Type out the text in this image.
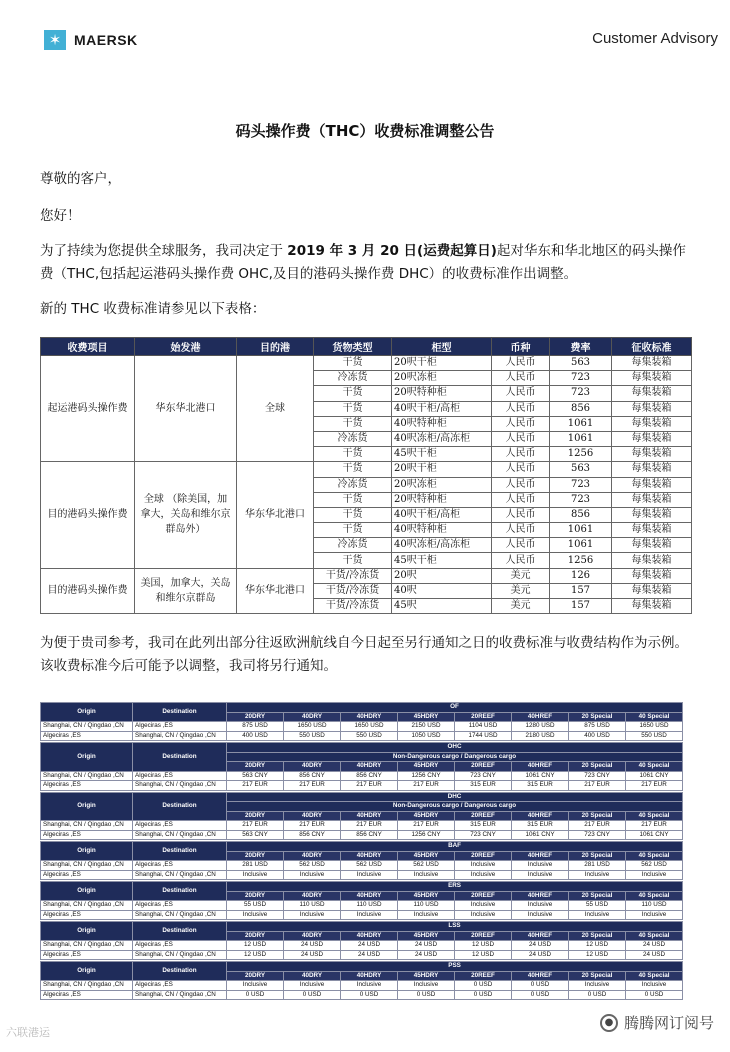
✶ MAERSK	Customer Advisory
码头操作费（THC）收费标准调整公告
尊敬的客户，
您好！
为了持续为您提供全球服务，我司决定于 2019 年 3 月 20 日(运费起算日)起对华东和华北地区的码头操作费（THC,包括起运港码头操作费 OHC,及目的港码头操作费 DHC）的收费标准作出调整。
新的 THC 收费标准请参见以下表格：
收费项目	始发港	目的港	货物类型	柜型	币种	费率	征收标准
起运港码头操作费	华东华北港口	全球	干货	20呎干柜	人民币	563	每集装箱
			冷冻货	20呎冻柜	人民币	723	每集装箱
			干货	20呎特种柜	人民币	723	每集装箱
			干货	40呎干柜/高柜	人民币	856	每集装箱
			干货	40呎特种柜	人民币	1061	每集装箱
			冷冻货	40呎冻柜/高冻柜	人民币	1061	每集装箱
			干货	45呎干柜	人民币	1256	每集装箱
目的港码头操作费	全球 （除美国，加拿大，关岛和维尔京群岛外）	华东华北港口	干货	20呎干柜	人民币	563	每集装箱
			冷冻货	20呎冻柜	人民币	723	每集装箱
			干货	20呎特种柜	人民币	723	每集装箱
			干货	40呎干柜/高柜	人民币	856	每集装箱
			干货	40呎特种柜	人民币	1061	每集装箱
			冷冻货	40呎冻柜/高冻柜	人民币	1061	每集装箱
			干货	45呎干柜	人民币	1256	每集装箱
目的港码头操作费	美国，加拿大，关岛和维尔京群岛	华东华北港口	干货/冷冻货	20呎	美元	126	每集装箱
			干货/冷冻货	40呎	美元	157	每集装箱
			干货/冷冻货	45呎	美元	157	每集装箱
为便于贵司参考，我司在此列出部分往返欧洲航线自今日起至另行通知之日的收费标准与收费结构作为示例。该收费标准今后可能予以调整，我司将另行通知。
Origin	Destination	OF							
		20DRY	40DRY	40HDRY	45HDRY	20REEF	40HREF	20 Special	40 Special
Shanghai, CN / Qingdao ,CN	Algeciras ,ES	875 USD	1650 USD	1650 USD	2150 USD	1104 USD	1280 USD	875 USD	1650 USD
Algeciras ,ES	Shanghai, CN / Qingdao ,CN	400 USD	550 USD	550 USD	1050 USD	1744 USD	2180 USD	400 USD	550 USD
Origin	Destination	OHC							
		Non-Dangerous cargo / Dangerous cargo							
		20DRY	40DRY	40HDRY	45HDRY	20REEF	40HREF	20 Special	40 Special
Shanghai, CN / Qingdao ,CN	Algeciras ,ES	563 CNY	856 CNY	856 CNY	1256 CNY	723 CNY	1061 CNY	723 CNY	1061 CNY
Algeciras ,ES	Shanghai, CN / Qingdao ,CN	217 EUR	217 EUR	217 EUR	217 EUR	315 EUR	315 EUR	217 EUR	217 EUR
Origin	Destination	DHC							
		Non-Dangerous cargo / Dangerous cargo							
		20DRY	40DRY	40HDRY	45HDRY	20REEF	40HREF	20 Special	40 Special
Shanghai, CN / Qingdao ,CN	Algeciras ,ES	217 EUR	217 EUR	217 EUR	217 EUR	315 EUR	315 EUR	217 EUR	217 EUR
Algeciras ,ES	Shanghai, CN / Qingdao ,CN	563 CNY	856 CNY	856 CNY	1256 CNY	723 CNY	1061 CNY	723 CNY	1061 CNY
Origin	Destination	BAF							
		20DRY	40DRY	40HDRY	45HDRY	20REEF	40HREF	20 Special	40 Special
Shanghai, CN / Qingdao ,CN	Algeciras ,ES	281 USD	562 USD	562 USD	562 USD	Inclusive	Inclusive	281 USD	562 USD
Algeciras ,ES	Shanghai, CN / Qingdao ,CN	Inclusive	Inclusive	Inclusive	Inclusive	Inclusive	Inclusive	Inclusive	Inclusive
Origin	Destination	ERS							
		20DRY	40DRY	40HDRY	45HDRY	20REEF	40HREF	20 Special	40 Special
Shanghai, CN / Qingdao ,CN	Algeciras ,ES	55 USD	110 USD	110 USD	110 USD	Inclusive	Inclusive	55 USD	110 USD
Algeciras ,ES	Shanghai, CN / Qingdao ,CN	Inclusive	Inclusive	Inclusive	Inclusive	Inclusive	Inclusive	Inclusive	Inclusive
Origin	Destination	LSS							
		20DRY	40DRY	40HDRY	45HDRY	20REEF	40HREF	20 Special	40 Special
Shanghai, CN / Qingdao ,CN	Algeciras ,ES	12 USD	24 USD	24 USD	24 USD	12 USD	24 USD	12 USD	24 USD
Algeciras ,ES	Shanghai, CN / Qingdao ,CN	12 USD	24 USD	24 USD	24 USD	12 USD	24 USD	12 USD	24 USD
Origin	Destination	PSS							
		20DRY	40DRY	40HDRY	45HDRY	20REEF	40HREF	20 Special	40 Special
Shanghai, CN / Qingdao ,CN	Algeciras ,ES	Inclusive	Inclusive	Inclusive	Inclusive	0 USD	0 USD	Inclusive	Inclusive
Algeciras ,ES	Shanghai, CN / Qingdao ,CN	0 USD	0 USD	0 USD	0 USD	0 USD	0 USD	0 USD	0 USD
六联港运
● 腾腾网订阅号
